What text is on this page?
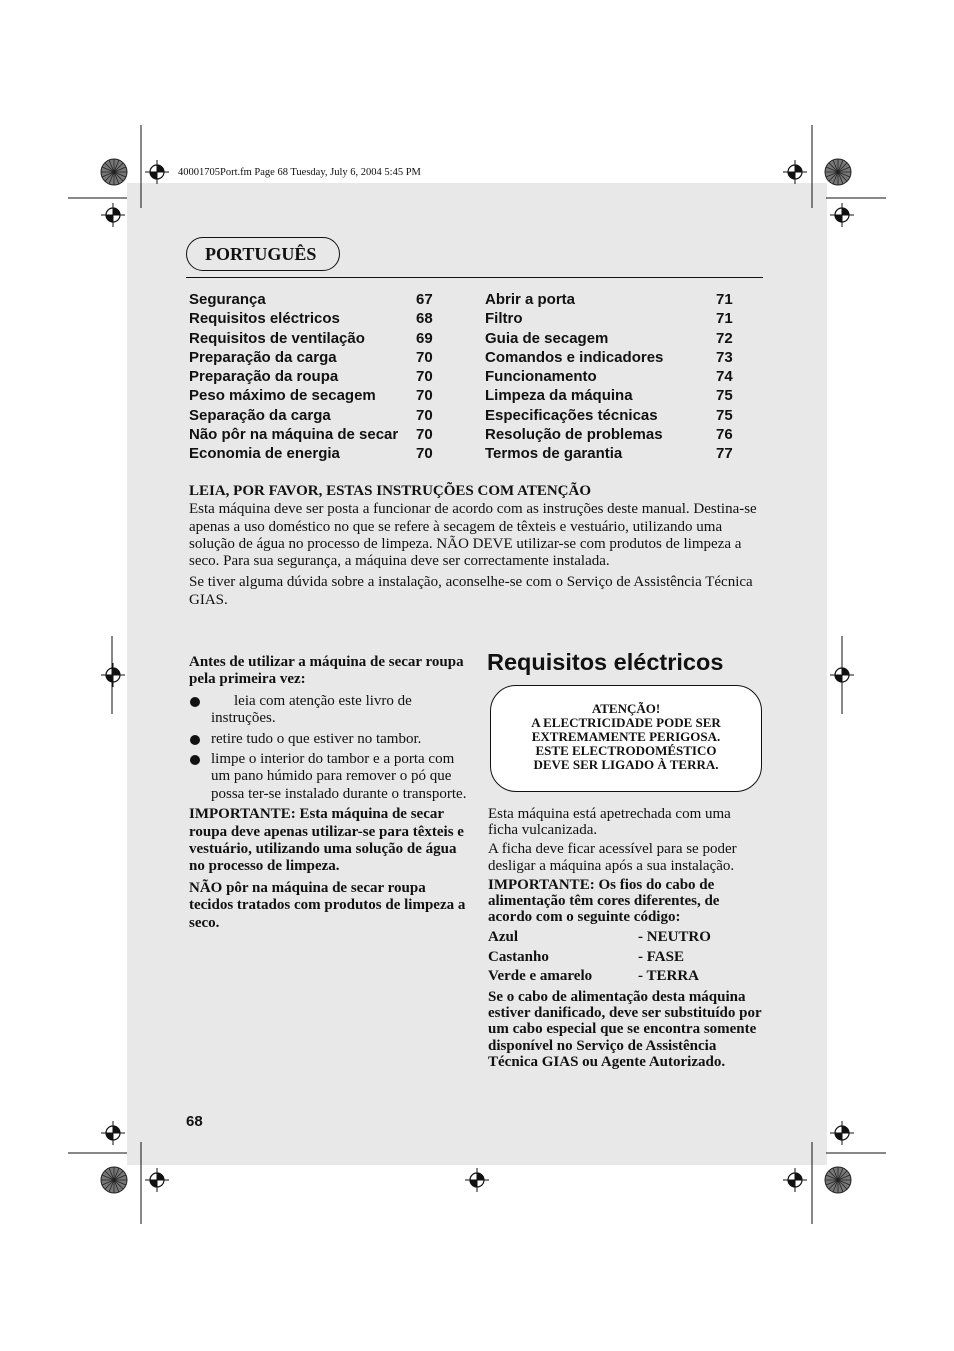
40001705Port.fm Page 68 Tuesday, July 6, 2004 5:45 PM
PORTUGUÊS
Segurança	67
Requisitos eléctricos	68
Requisitos de ventilação	69
Preparação da carga	70
Preparação da roupa	70
Peso máximo de secagem	70
Separação da carga	70
Não pôr na máquina de secar 70
Economia de energia	70
Abrir a porta	71
Filtro	71
Guia de secagem	72
Comandos e indicadores	73
Funcionamento	74
Limpeza da máquina	75
Especificações técnicas	75
Resolução de problemas	76
Termos de garantia	77
LEIA, POR FAVOR, ESTAS INSTRUÇÕES COM ATENÇÃO

Esta máquina deve ser posta a funcionar de acordo com as instruções deste manual. Destina-se apenas a uso doméstico no que se refere à secagem de têxteis e vestuário, utilizando uma solução de água no processo de limpeza. NÃO DEVE utilizar-se com produtos de limpeza a seco. Para sua segurança, a máquina deve ser correctamente instalada.

Se tiver alguma dúvida sobre a instalação, aconselhe-se com o Serviço de Assistência Técnica GIAS.

Antes de utilizar a máquina de secar roupa pela primeira vez:

leia com atenção este livro de instruções.
retire tudo o que estiver no tambor.
limpe o interior do tambor e a porta com um pano húmido para remover o pó que possa ter-se instalado durante o transporte.

IMPORTANTE: Esta máquina de secar roupa deve apenas utilizar-se para têxteis e vestuário, utilizando uma solução de água no processo de limpeza.

NÃO pôr na máquina de secar roupa tecidos tratados com produtos de limpeza a seco.

Requisitos eléctricos
ATENÇÃO!
A ELECTRICIDADE PODE SER
EXTREMAMENTE PERIGOSA.
ESTE ELECTRODOMÉSTICO
DEVE SER LIGADO À TERRA.

Esta máquina está apetrechada com uma ficha vulcanizada.

A ficha deve ficar acessível para se poder desligar a máquina após a sua instalação.

IMPORTANTE: Os fios do cabo de alimentação têm cores diferentes, de acordo com o seguinte código:

Azul	- NEUTRO
Castanho	- FASE
Verde e amarelo	- TERRA

Se o cabo de alimentação desta máquina estiver danificado, deve ser substituído por um cabo especial que se encontra somente disponível no Serviço de Assistência Técnica GIAS ou Agente Autorizado.

68
